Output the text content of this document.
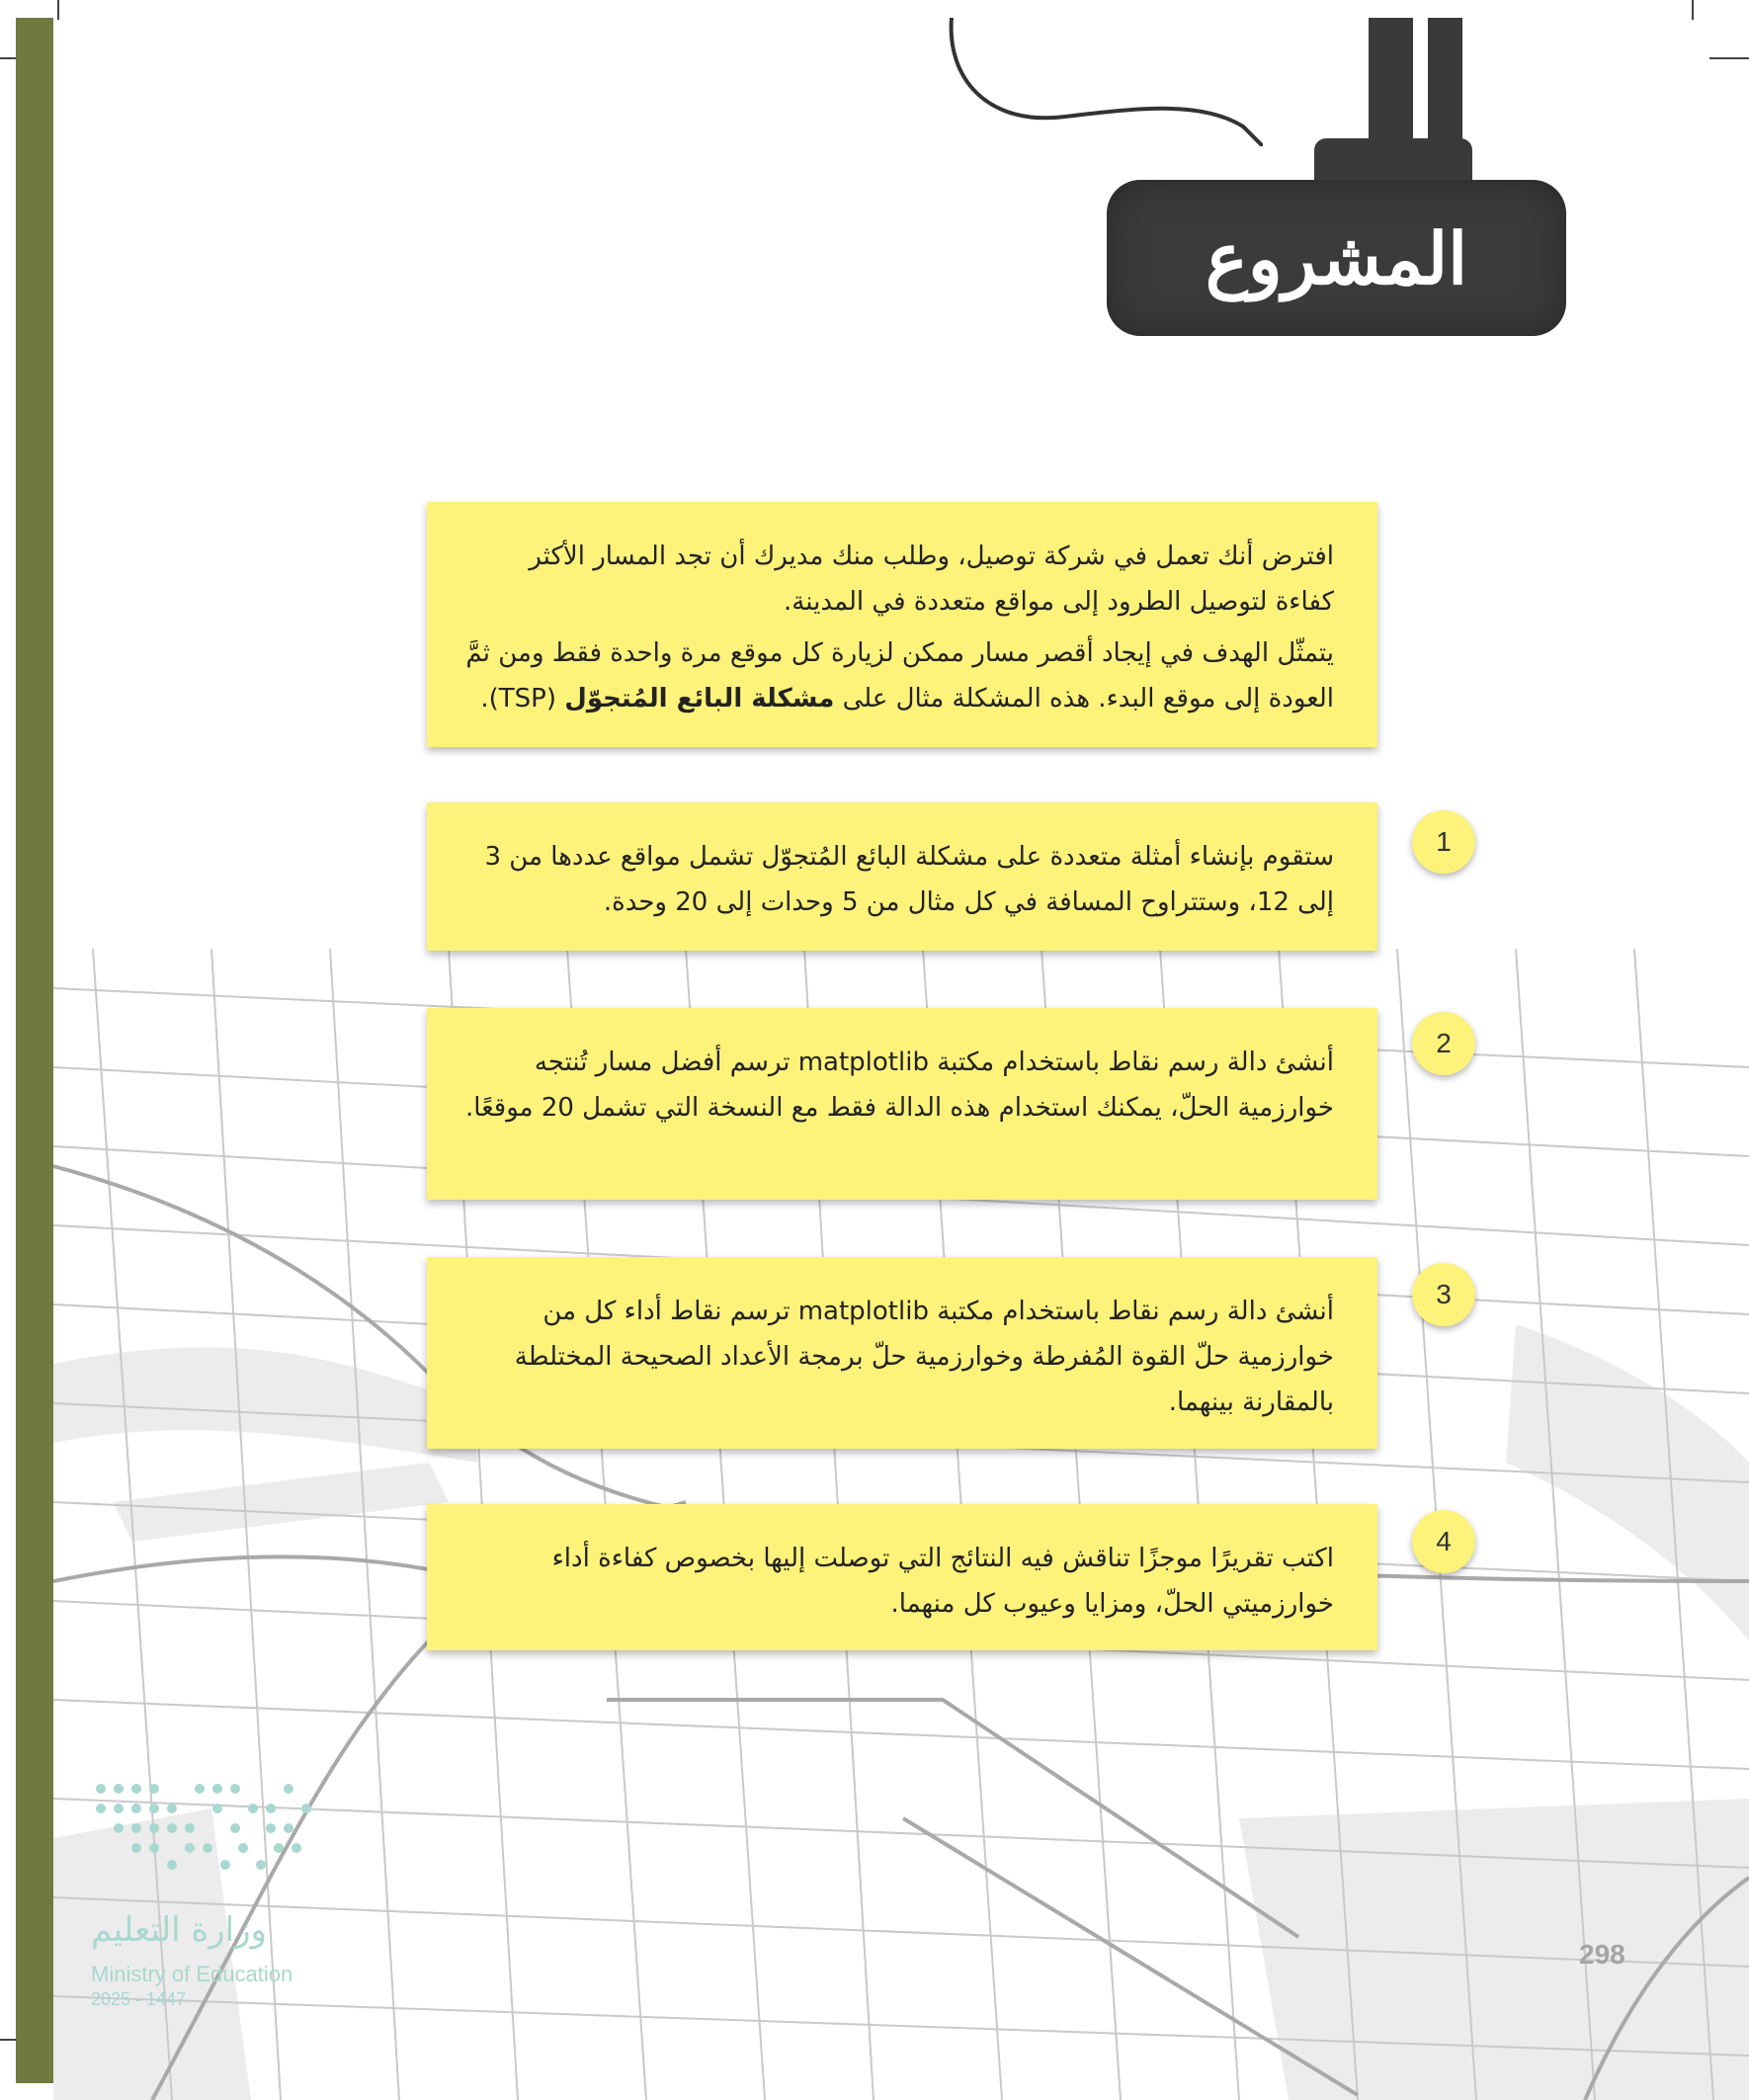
المشروع

افترض أنك تعمل في شركة توصيل، وطلب منك مديرك أن تجد المسار الأكثر كفاءة لتوصيل الطرود إلى مواقع متعددة في المدينة.

يتمثّل الهدف في إيجاد أقصر مسار ممكن لزيارة كل موقع مرة واحدة فقط ومن ثمَّ العودة إلى موقع البدء. هذه المشكلة مثال على مشكلة البائع المُتجوّل (TSP).

1

ستقوم بإنشاء أمثلة متعددة على مشكلة البائع المُتجوّل تشمل مواقع عددها من 3 إلى 12، وستتراوح المسافة في كل مثال من 5 وحدات إلى 20 وحدة.

2

أنشئ دالة رسم نقاط باستخدام مكتبة matplotlib ترسم أفضل مسار تُنتجه خوارزمية الحلّ، يمكنك استخدام هذه الدالة فقط مع النسخة التي تشمل 20 موقعًا.

3

أنشئ دالة رسم نقاط باستخدام مكتبة matplotlib ترسم نقاط أداء كل من خوارزمية حلّ القوة المُفرطة وخوارزمية حلّ برمجة الأعداد الصحيحة المختلطة بالمقارنة بينهما.

4

اكتب تقريرًا موجزًا تناقش فيه النتائج التي توصلت إليها بخصوص كفاءة أداء خوارزميتي الحلّ، ومزايا وعيوب كل منهما.

وزارة التعليم
Ministry of Education
2025 - 1447
298
